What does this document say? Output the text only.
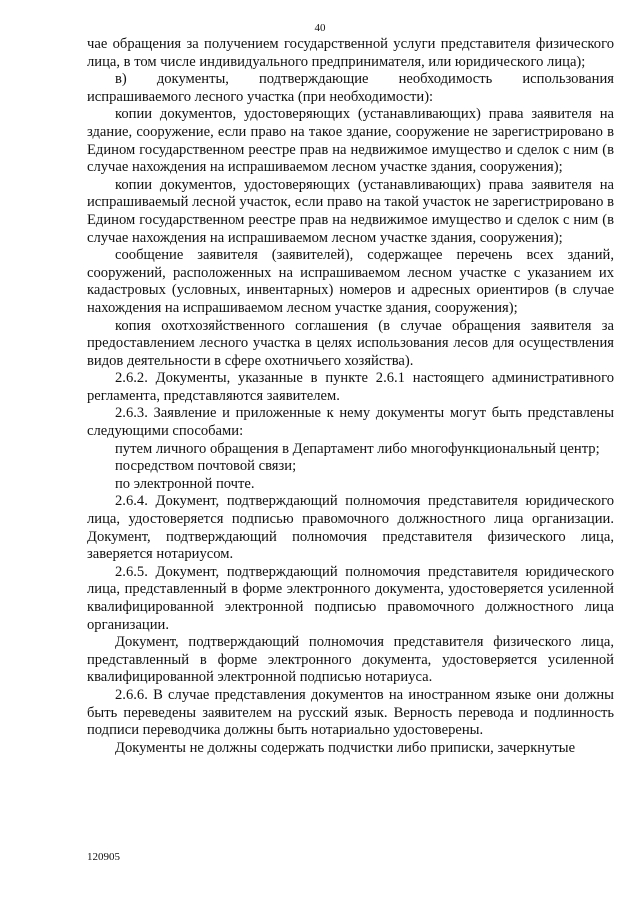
40

чае обращения за получением государственной услуги представителя физического лица, в том числе индивидуального предпринимателя, или юридического лица);

в) документы, подтверждающие необходимость использования испрашиваемого лесного участка (при необходимости):

копии документов, удостоверяющих (устанавливающих) права заявителя на здание, сооружение, если право на такое здание, сооружение не зарегистрировано в Едином государственном реестре прав на недвижимое имущество и сделок с ним (в случае нахождения на испрашиваемом лесном участке здания, сооружения);

копии документов, удостоверяющих (устанавливающих) права заявителя на испрашиваемый лесной участок, если право на такой участок не зарегистрировано в Едином государственном реестре прав на недвижимое имущество и сделок с ним (в случае нахождения на испрашиваемом лесном участке здания, сооружения);

сообщение заявителя (заявителей), содержащее перечень всех зданий, сооружений, расположенных на испрашиваемом лесном участке с указанием их кадастровых (условных, инвентарных) номеров и адресных ориентиров (в случае нахождения на испрашиваемом лесном участке здания, сооружения);

копия охотхозяйственного соглашения (в случае обращения заявителя за предоставлением лесного участка в целях использования лесов для осуществления видов деятельности в сфере охотничьего хозяйства).

2.6.2. Документы, указанные в пункте 2.6.1 настоящего административного регламента, представляются заявителем.

2.6.3. Заявление и приложенные к нему документы могут быть представлены следующими способами:

путем личного обращения в Департамент либо многофункциональный центр;

посредством почтовой связи;

по электронной почте.

2.6.4. Документ, подтверждающий полномочия представителя юридического лица, удостоверяется подписью правомочного должностного лица организации. Документ, подтверждающий полномочия представителя физического лица, заверяется нотариусом.

2.6.5. Документ, подтверждающий полномочия представителя юридического лица, представленный в форме электронного документа, удостоверяется усиленной квалифицированной электронной подписью правомочного должностного лица организации.

Документ, подтверждающий полномочия представителя физического лица, представленный в форме электронного документа, удостоверяется усиленной квалифицированной электронной подписью нотариуса.

2.6.6. В случае представления документов на иностранном языке они должны быть переведены заявителем на русский язык. Верность перевода и подлинность подписи переводчика должны быть нотариально удостоверены.

Документы не должны содержать подчистки либо приписки, зачеркнутые

120905
